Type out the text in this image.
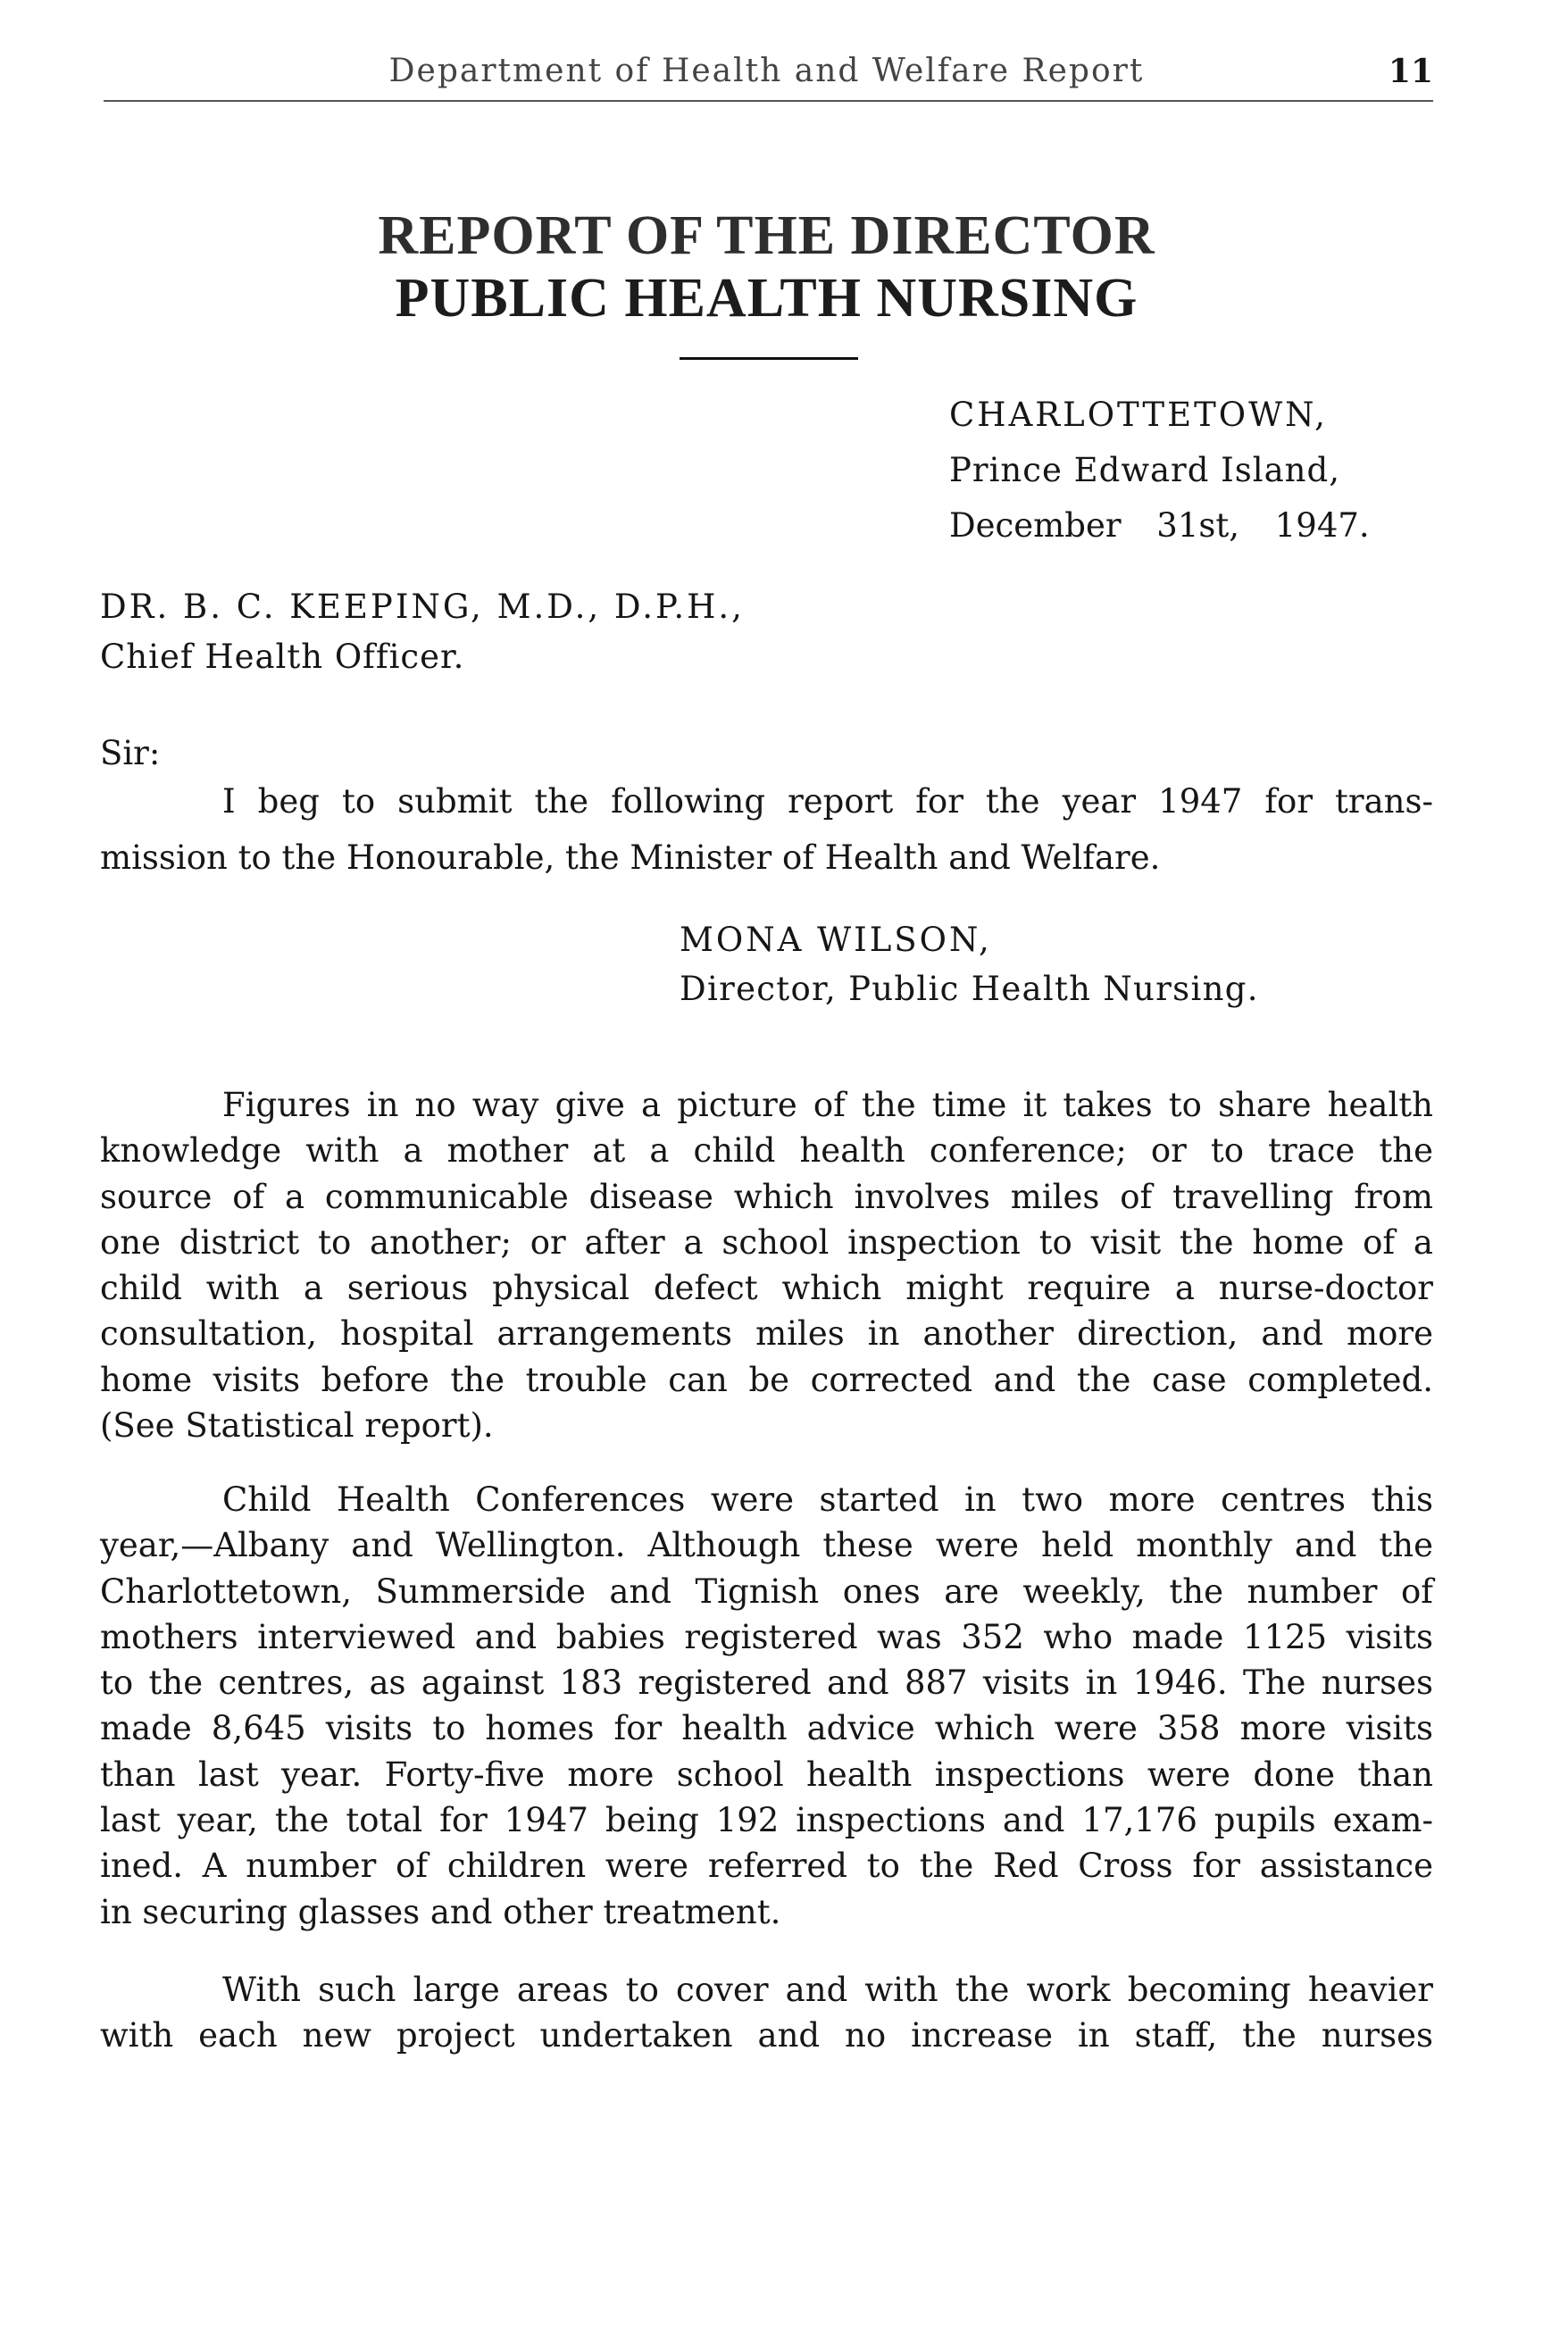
Department of Health and Welfare Report	11
REPORT OF THE DIRECTOR
PUBLIC HEALTH NURSING
CHARLOTTETOWN,
Prince Edward Island,
December 31st, 1947.
DR. B. C. KEEPING, M.D., D.P.H.,
Chief Health Officer.
Sir:
I beg to submit the following report for the year 1947 for trans-
mission to the Honourable, the Minister of Health and Welfare.
MONA WILSON,
Director, Public Health Nursing.
Figures in no way give a picture of the time it takes to share health
knowledge with a mother at a child health conference; or to trace the
source of a communicable disease which involves miles of travelling from
one district to another; or after a school inspection to visit the home of a
child with a serious physical defect which might require a nurse-doctor
consultation, hospital arrangements miles in another direction, and more
home visits before the trouble can be corrected and the case completed.
(See Statistical report).
Child Health Conferences were started in two more centres this
year,—Albany and Wellington. Although these were held monthly and the
Charlottetown, Summerside and Tignish ones are weekly, the number of
mothers interviewed and babies registered was 352 who made 1125 visits
to the centres, as against 183 registered and 887 visits in 1946. The nurses
made 8,645 visits to homes for health advice which were 358 more visits
than last year. Forty-five more school health inspections were done than
last year, the total for 1947 being 192 inspections and 17,176 pupils exam-
ined. A number of children were referred to the Red Cross for assistance
in securing glasses and other treatment.
With such large areas to cover and with the work becoming heavier
with each new project undertaken and no increase in staff, the nurses
